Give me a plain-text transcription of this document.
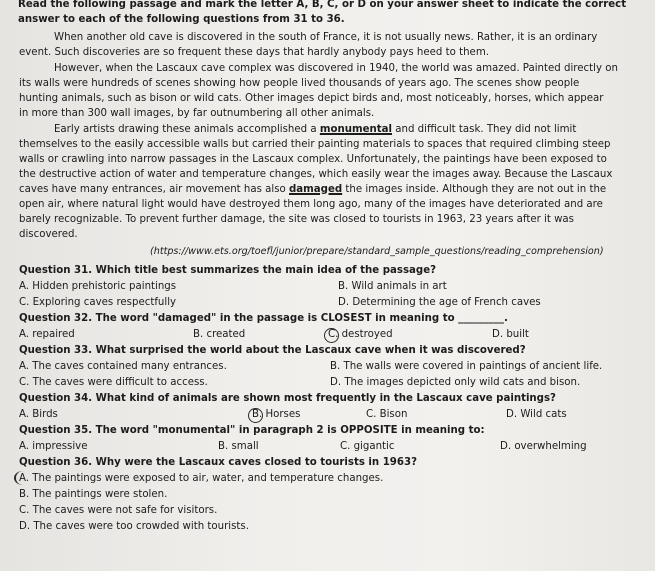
Read the following passage and mark the letter A, B, C, or D on your answer sheet to indicate the correct
answer to each of the following questions from 31 to 36.
When another old cave is discovered in the south of France, it is not usually news. Rather, it is an ordinary
event. Such discoveries are so frequent these days that hardly anybody pays heed to them.
However, when the Lascaux cave complex was discovered in 1940, the world was amazed. Painted directly on
its walls were hundreds of scenes showing how people lived thousands of years ago. The scenes show people
hunting animals, such as bison or wild cats. Other images depict birds and, most noticeably, horses, which appear
in more than 300 wall images, by far outnumbering all other animals.
Early artists drawing these animals accomplished a monumental and difficult task. They did not limit
themselves to the easily accessible walls but carried their painting materials to spaces that required climbing steep
walls or crawling into narrow passages in the Lascaux complex. Unfortunately, the paintings have been exposed to
the destructive action of water and temperature changes, which easily wear the images away. Because the Lascaux
caves have many entrances, air movement has also damaged the images inside. Although they are not out in the
open air, where natural light would have destroyed them long ago, many of the images have deteriorated and are
barely recognizable. To prevent further damage, the site was closed to tourists in 1963, 23 years after it was
discovered.
(https://www.ets.org/toefl/junior/prepare/standard_sample_questions/reading_comprehension)
Question 31. Which title best summarizes the main idea of the passage?
A. Hidden prehistoric paintings	B. Wild animals in art
C. Exploring caves respectfully	D. Determining the age of French caves
Question 32. The word "damaged" in the passage is CLOSEST in meaning to _________.
A. repaired	B. created	C. destroyed	D. built
Question 33. What surprised the world about the Lascaux cave when it was discovered?
A. The caves contained many entrances.	B. The walls were covered in paintings of ancient life.
C. The caves were difficult to access.	D. The images depicted only wild cats and bison.
Question 34. What kind of animals are shown most frequently in the Lascaux cave paintings?
A. Birds	B. Horses	C. Bison	D. Wild cats
Question 35. The word "monumental" in paragraph 2 is OPPOSITE in meaning to:
A. impressive	B. small	C. gigantic	D. overwhelming
Question 36. Why were the Lascaux caves closed to tourists in 1963?
A. The paintings were exposed to air, water, and temperature changes.
B. The paintings were stolen.
C. The caves were not safe for visitors.
D. The caves were too crowded with tourists.
